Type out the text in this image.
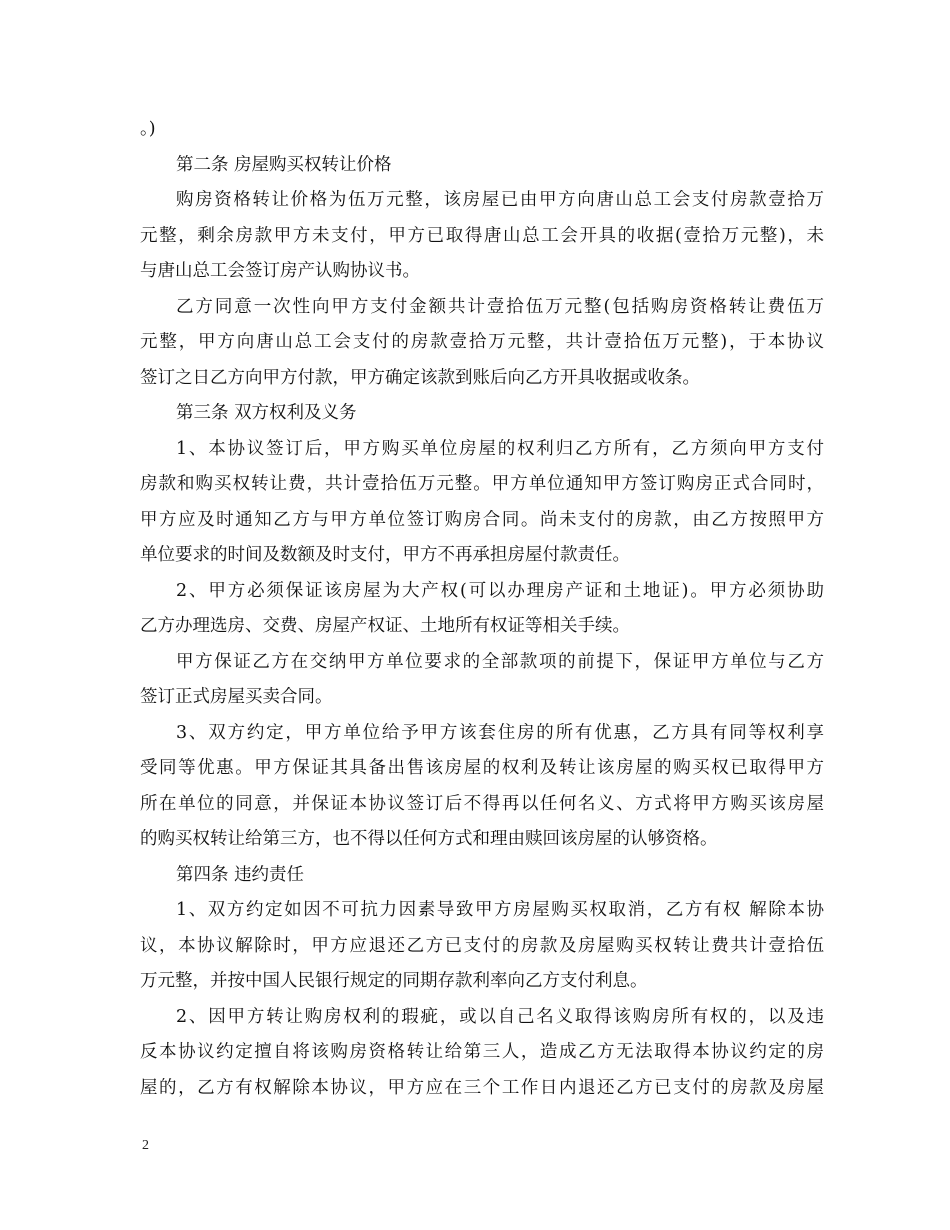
。)
第二条 房屋购买权转让价格
购房资格转让价格为伍万元整，该房屋已由甲方向唐山总工会支付房款壹拾万
元整，剩余房款甲方未支付，甲方已取得唐山总工会开具的收据(壹拾万元整)，未
与唐山总工会签订房产认购协议书。
乙方同意一次性向甲方支付金额共计壹拾伍万元整(包括购房资格转让费伍万
元整，甲方向唐山总工会支付的房款壹拾万元整，共计壹拾伍万元整)，于本协议
签订之日乙方向甲方付款，甲方确定该款到账后向乙方开具收据或收条。
第三条 双方权利及义务
1、本协议签订后，甲方购买单位房屋的权利归乙方所有，乙方须向甲方支付
房款和购买权转让费，共计壹拾伍万元整。甲方单位通知甲方签订购房正式合同时，
甲方应及时通知乙方与甲方单位签订购房合同。尚未支付的房款，由乙方按照甲方
单位要求的时间及数额及时支付，甲方不再承担房屋付款责任。
2、甲方必须保证该房屋为大产权(可以办理房产证和土地证)。甲方必须协助
乙方办理选房、交费、房屋产权证、土地所有权证等相关手续。
甲方保证乙方在交纳甲方单位要求的全部款项的前提下，保证甲方单位与乙方
签订正式房屋买卖合同。
3、双方约定，甲方单位给予甲方该套住房的所有优惠，乙方具有同等权利享
受同等优惠。甲方保证其具备出售该房屋的权利及转让该房屋的购买权已取得甲方
所在单位的同意，并保证本协议签订后不得再以任何名义、方式将甲方购买该房屋
的购买权转让给第三方，也不得以任何方式和理由赎回该房屋的认够资格。
第四条 违约责任
1、双方约定如因不可抗力因素导致甲方房屋购买权取消，乙方有权 解除本协
议，本协议解除时，甲方应退还乙方已支付的房款及房屋购买权转让费共计壹拾伍
万元整，并按中国人民银行规定的同期存款利率向乙方支付利息。
2、因甲方转让购房权利的瑕疵，或以自己名义取得该购房所有权的，以及违
反本协议约定擅自将该购房资格转让给第三人，造成乙方无法取得本协议约定的房
屋的，乙方有权解除本协议，甲方应在三个工作日内退还乙方已支付的房款及房屋
2
